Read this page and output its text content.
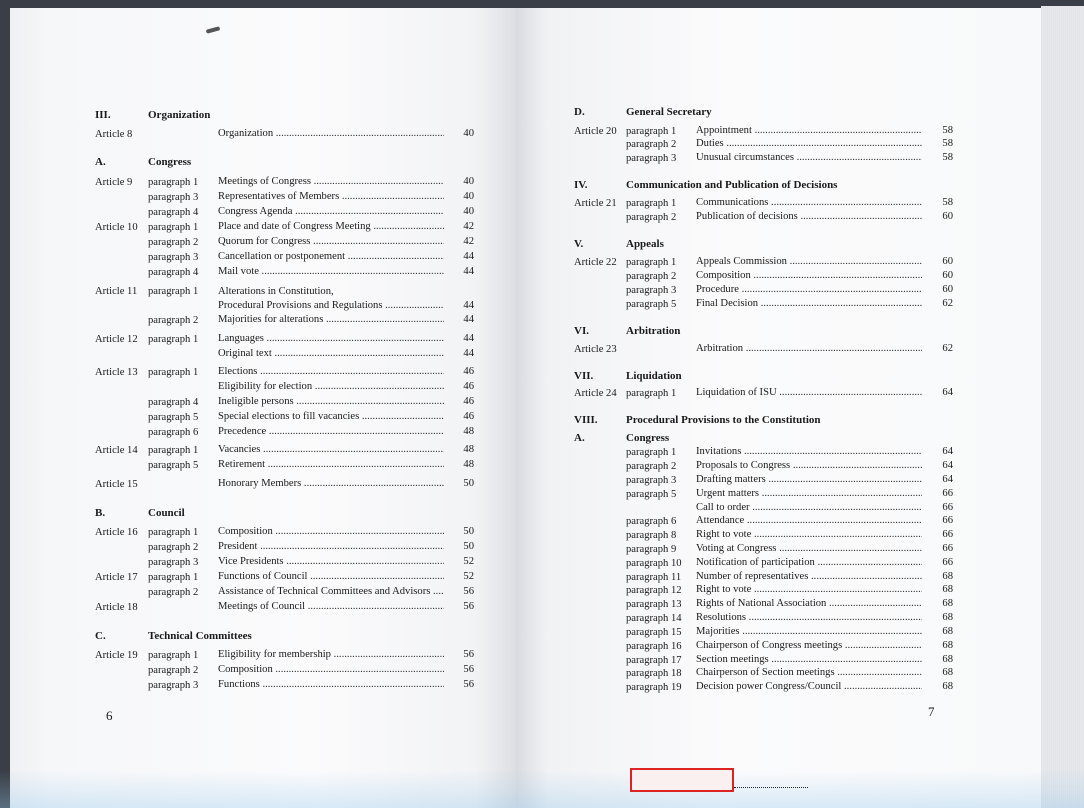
III.	Organization
Article 8	Organization .....	40
A.	Congress
Article 9 paragraph 1 Meetings of Congress .....	40
paragraph 3 Representatives of Members .....	40
paragraph 4 Congress Agenda .....	40
Article 10 paragraph 1 Place and date of Congress Meeting .....	42
paragraph 2 Quorum for Congress .....	42
paragraph 3 Cancellation or postponement .....	44
paragraph 4 Mail vote .....	44
Article 11 paragraph 1 Alterations in Constitution,
Procedural Provisions and Regulations .....	44
paragraph 2 Majorities for alterations .....	44
Article 12 paragraph 1 Languages .....	44
Original text .....	44
Article 13 paragraph 1 Elections .....	46
Eligibility for election .....	46
paragraph 4 Ineligible persons .....	46
paragraph 5 Special elections to fill vacancies .....	46
paragraph 6 Precedence .....	48
Article 14 paragraph 1 Vacancies .....	48
paragraph 5 Retirement .....	48
Article 15	Honorary Members .....	50
B.	Council
Article 16 paragraph 1 Composition .....	50
paragraph 2 President .....	50
paragraph 3 Vice Presidents .....	52
Article 17 paragraph 1 Functions of Council .....	52
paragraph 2 Assistance of Technical Committees and Advisors .....	56
Article 18	Meetings of Council .....	56
C.	Technical Committees
Article 19 paragraph 1 Eligibility for membership .....	56
paragraph 2 Composition .....	56
paragraph 3 Functions .....	56
D.	General Secretary
Article 20 paragraph 1 Appointment .....	58
paragraph 2 Duties .....	58
paragraph 3 Unusual circumstances .....	58
IV.	Communication and Publication of Decisions
Article 21 paragraph 1 Communications .....	58
paragraph 2 Publication of decisions .....	60
V.	Appeals
Article 22 paragraph 1 Appeals Commission .....	60
paragraph 2 Composition .....	60
paragraph 3 Procedure .....	60
paragraph 5 Final Decision .....	62
VI.	Arbitration
Article 23	Arbitration .....	62
VII.	Liquidation
Article 24 paragraph 1 Liquidation of ISU .....	64
VIII.	Procedural Provisions to the Constitution
A.	Congress
paragraph 1 Invitations .....	64
paragraph 2 Proposals to Congress .....	64
paragraph 3 Drafting matters .....	64
paragraph 5 Urgent matters .....	66
Call to order .....	66
paragraph 6 Attendance .....	66
paragraph 8 Right to vote .....	66
paragraph 9 Voting at Congress .....	66
paragraph 10 Notification of participation .....	66
paragraph 11 Number of representatives .....	68
paragraph 12 Right to vote .....	68
paragraph 13 Rights of National Association .....	68
paragraph 14 Resolutions .....	68
paragraph 15 Majorities .....	68
paragraph 16 Chairperson of Congress meetings .....	68
paragraph 17 Section meetings .....	68
paragraph 18 Chairperson of Section meetings .....	68
paragraph 19 Decision power Congress/Council .....	68
6	7
